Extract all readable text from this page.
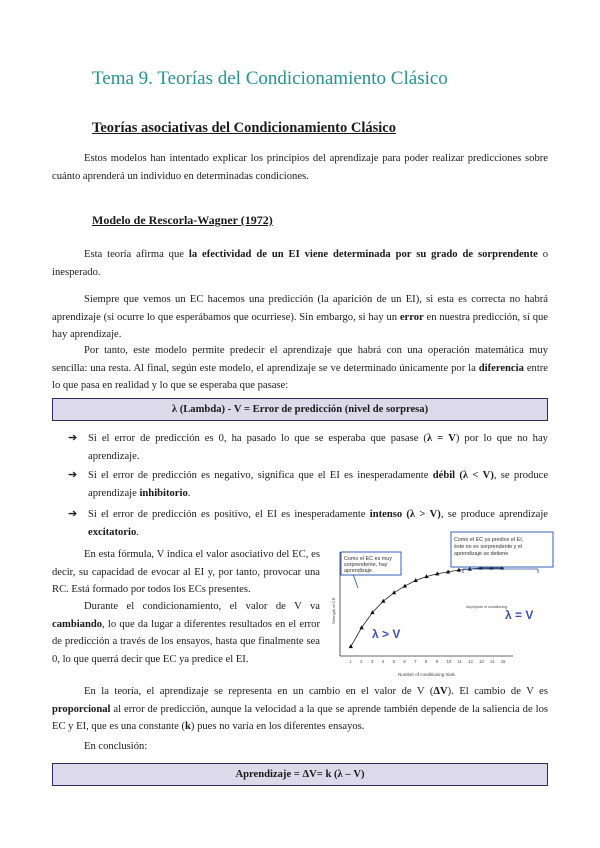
Tema 9. Teorías del Condicionamiento Clásico
Teorías asociativas del Condicionamiento Clásico
Estos modelos han intentado explicar los principios del aprendizaje para poder realizar predicciones sobre cuánto aprenderá un individuo en determinadas condiciones.
Modelo de Rescorla-Wagner (1972)
Esta teoría afirma que la efectividad de un EI viene determinada por su grado de sorprendente o inesperado.
Siempre que vemos un EC hacemos una predicción (la aparición de un EI), si esta es correcta no habrá aprendizaje (si ocurre lo que esperábamos que ocurriese). Sin embargo, si hay un error en nuestra predicción, sí que hay aprendizaje.
Por tanto, este modelo permite predecir el aprendizaje que habrá con una operación matemática muy sencilla: una resta. Al final, según este modelo, el aprendizaje se ve determinado únicamente por la diferencia entre lo que pasa en realidad y lo que se esperaba que pasase:
λ (Lambda) - V = Error de predicción (nivel de sorpresa)
➔ Si el error de predicción es 0, ha pasado lo que se esperaba que pasase (λ = V) por lo que no hay aprendizaje.
➔ Si el error de predicción es negativo, significa que el EI es inesperadamente débil (λ < V), se produce aprendizaje inhibitorio.
➔ Si el error de predicción es positivo, el EI es inesperadamente intenso (λ > V), se produce aprendizaje excitatorio.
En esta fórmula, V indica el valor asociativo del EC, es decir, su capacidad de evocar al EI y, por tanto, provocar una RC. Está formado por todos los ECs presentes.
Durante el condicionamiento, el valor de V va cambiando, lo que da lugar a diferentes resultados en el error de predicción a través de los ensayos, hasta que finalmente sea 0, lo que querrá decir que EC ya predice el EI.
Strength of CR
Number of conditioning trials
1 2 3 4 5 6 7 8 9 10 11 12 13 14 15
Como el EC es muy sorprendente, hay aprendizaje
Como el EC ya predice el EI, éste no es sorprendente y el aprendizaje se detiene
λ > V
λ = V
Asymptote of conditioning
En la teoría, el aprendizaje se representa en un cambio en el valor de V (ΔV). El cambio de V es proporcional al error de predicción, aunque la velocidad a la que se aprende también depende de la saliencia de los EC y EI, que es una constante (k) pues no varía en los diferentes ensayos.
En conclusión:
Aprendizaje = ΔV= k (λ – V)
